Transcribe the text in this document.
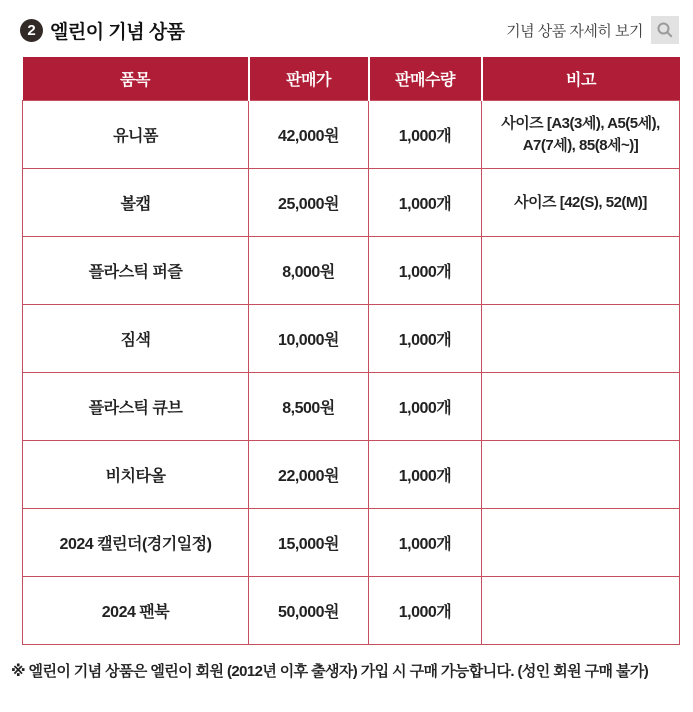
2 엘린이 기념 상품	기념 상품 자세히 보기
품목	판매가	판매수량	비고
유니폼	42,000원	1,000개	사이즈 [A3(3세), A5(5세), A7(7세), 85(8세~)]
볼캡	25,000원	1,000개	사이즈 [42(S), 52(M)]
플라스틱 퍼즐	8,000원	1,000개	
짐색	10,000원	1,000개	
플라스틱 큐브	8,500원	1,000개	
비치타올	22,000원	1,000개	
2024 캘린더(경기일정)	15,000원	1,000개	
2024 팬북	50,000원	1,000개	

※ 엘린이 기념 상품은 엘린이 회원 (2012년 이후 출생자) 가입 시 구매 가능합니다. (성인 회원 구매 불가)
